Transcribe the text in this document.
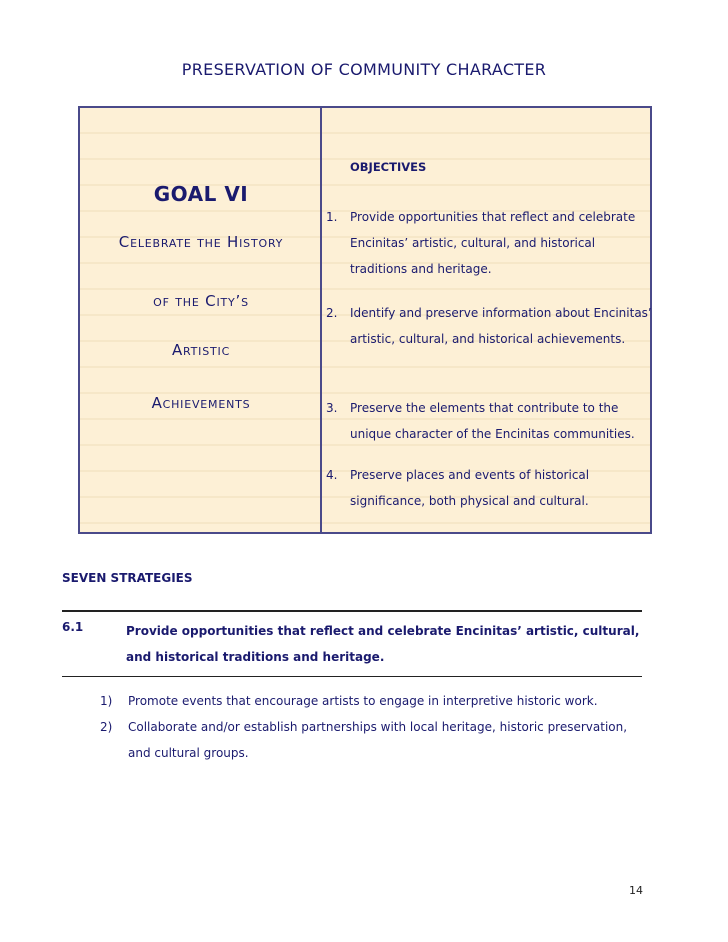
PRESERVATION OF COMMUNITY CHARACTER
GOAL VI
Celebrate the History
of the City’s
Artistic
Achievements
OBJECTIVES
1. Provide opportunities that reflect and celebrate Encinitas’ artistic, cultural, and historical traditions and heritage.
2. Identify and preserve information about Encinitas’ artistic, cultural, and historical achievements.
3. Preserve the elements that contribute to the unique character of the Encinitas communities.
4. Preserve places and events of historical significance, both physical and cultural.
SEVEN STRATEGIES
6.1	Provide opportunities that reflect and celebrate Encinitas’ artistic, cultural, and historical traditions and heritage.
1) Promote events that encourage artists to engage in interpretive historic work.
2) Collaborate and/or establish partnerships with local heritage, historic preservation, and cultural groups.
14
